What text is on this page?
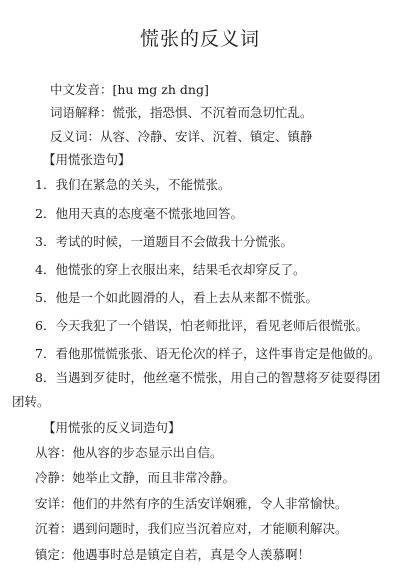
慌张的反义词
中文发音：[hu mg zh dng]
词语解释：慌张，指恐惧、不沉着而急切忙乱。
反义词：从容、冷静、安详、沉着、镇定、镇静
【用慌张造句】
1．我们在紧急的关头，不能慌张。
2．他用天真的态度毫不慌张地回答。
3．考试的时候，一道题目不会做我十分慌张。
4．他慌张的穿上衣服出来，结果毛衣却穿反了。
5．他是一个如此圆滑的人，看上去从来都不慌张。
6．今天我犯了一个错误，怕老师批评，看见老师后很慌张。
7．看他那慌慌张张、语无伦次的样子，这件事肯定是他做的。
8．当遇到歹徒时，他丝毫不慌张，用自己的智慧将歹徒耍得团
团转。
【用慌张的反义词造句】
从容：他从容的步态显示出自信。
冷静：她举止文静，而且非常冷静。
安详：他们的井然有序的生活安详娴雅，令人非常愉快。
沉着：遇到问题时，我们应当沉着应对，才能顺利解决。
镇定：他遇事时总是镇定自若，真是令人羡慕啊！
